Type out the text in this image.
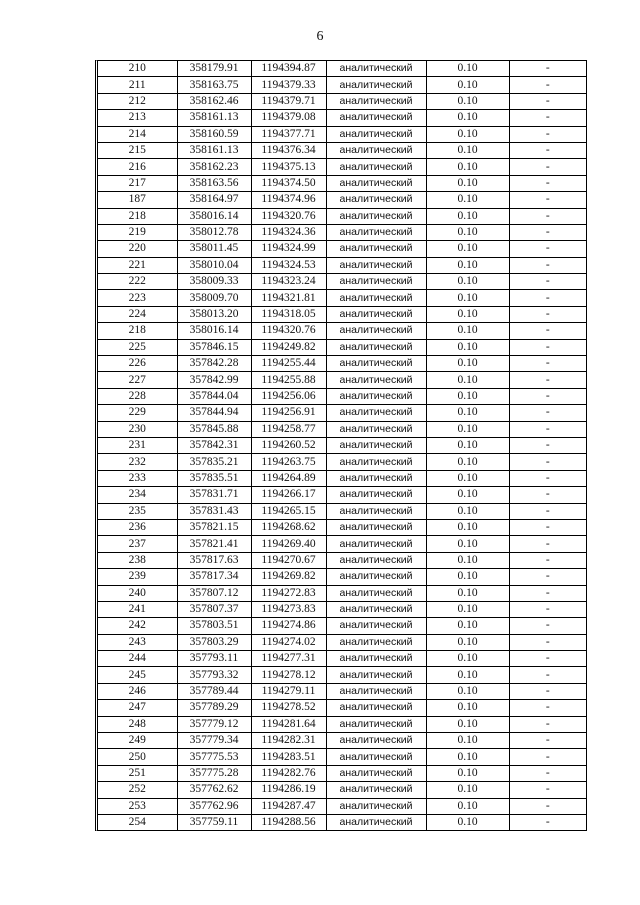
6
210	358179.91	1194394.87	аналитический	0.10	-
211	358163.75	1194379.33	аналитический	0.10	-
212	358162.46	1194379.71	аналитический	0.10	-
213	358161.13	1194379.08	аналитический	0.10	-
214	358160.59	1194377.71	аналитический	0.10	-
215	358161.13	1194376.34	аналитический	0.10	-
216	358162.23	1194375.13	аналитический	0.10	-
217	358163.56	1194374.50	аналитический	0.10	-
187	358164.97	1194374.96	аналитический	0.10	-
218	358016.14	1194320.76	аналитический	0.10	-
219	358012.78	1194324.36	аналитический	0.10	-
220	358011.45	1194324.99	аналитический	0.10	-
221	358010.04	1194324.53	аналитический	0.10	-
222	358009.33	1194323.24	аналитический	0.10	-
223	358009.70	1194321.81	аналитический	0.10	-
224	358013.20	1194318.05	аналитический	0.10	-
218	358016.14	1194320.76	аналитический	0.10	-
225	357846.15	1194249.82	аналитический	0.10	-
226	357842.28	1194255.44	аналитический	0.10	-
227	357842.99	1194255.88	аналитический	0.10	-
228	357844.04	1194256.06	аналитический	0.10	-
229	357844.94	1194256.91	аналитический	0.10	-
230	357845.88	1194258.77	аналитический	0.10	-
231	357842.31	1194260.52	аналитический	0.10	-
232	357835.21	1194263.75	аналитический	0.10	-
233	357835.51	1194264.89	аналитический	0.10	-
234	357831.71	1194266.17	аналитический	0.10	-
235	357831.43	1194265.15	аналитический	0.10	-
236	357821.15	1194268.62	аналитический	0.10	-
237	357821.41	1194269.40	аналитический	0.10	-
238	357817.63	1194270.67	аналитический	0.10	-
239	357817.34	1194269.82	аналитический	0.10	-
240	357807.12	1194272.83	аналитический	0.10	-
241	357807.37	1194273.83	аналитический	0.10	-
242	357803.51	1194274.86	аналитический	0.10	-
243	357803.29	1194274.02	аналитический	0.10	-
244	357793.11	1194277.31	аналитический	0.10	-
245	357793.32	1194278.12	аналитический	0.10	-
246	357789.44	1194279.11	аналитический	0.10	-
247	357789.29	1194278.52	аналитический	0.10	-
248	357779.12	1194281.64	аналитический	0.10	-
249	357779.34	1194282.31	аналитический	0.10	-
250	357775.53	1194283.51	аналитический	0.10	-
251	357775.28	1194282.76	аналитический	0.10	-
252	357762.62	1194286.19	аналитический	0.10	-
253	357762.96	1194287.47	аналитический	0.10	-
254	357759.11	1194288.56	аналитический	0.10	-
